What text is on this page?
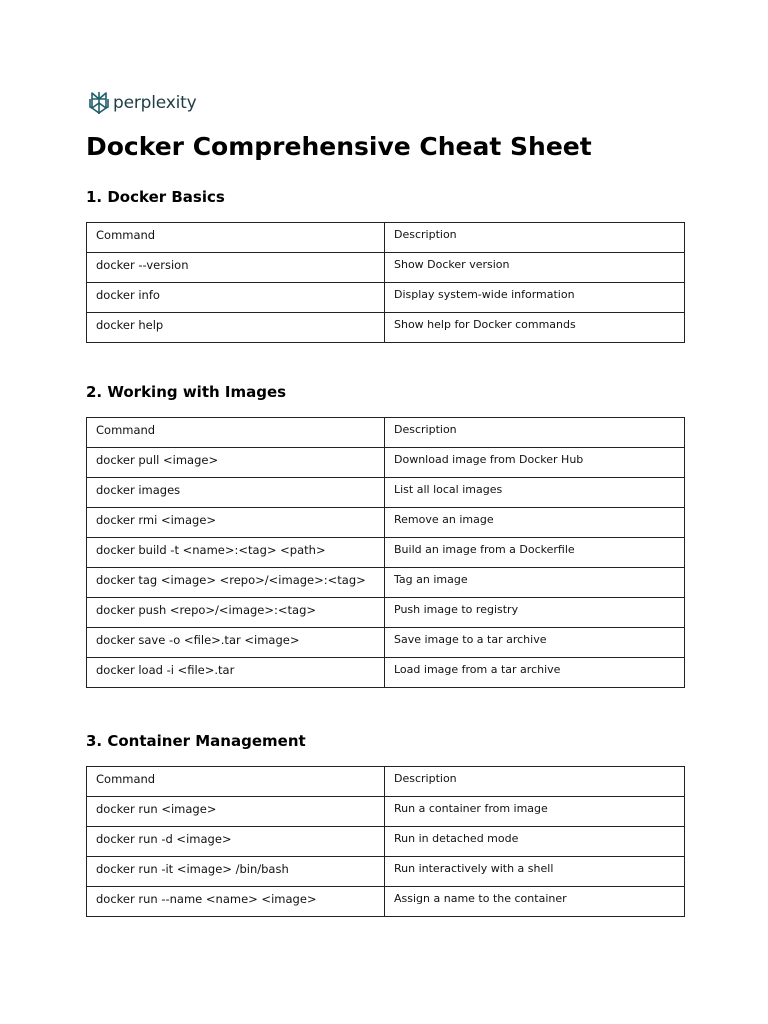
perplexity
Docker Comprehensive Cheat Sheet
1. Docker Basics
Command	Description
docker --version	Show Docker version
docker info	Display system-wide information
docker help	Show help for Docker commands
2. Working with Images
Command	Description
docker pull <image>	Download image from Docker Hub
docker images	List all local images
docker rmi <image>	Remove an image
docker build -t <name>:<tag> <path>	Build an image from a Dockerfile
docker tag <image> <repo>/<image>:<tag>	Tag an image
docker push <repo>/<image>:<tag>	Push image to registry
docker save -o <file>.tar <image>	Save image to a tar archive
docker load -i <file>.tar	Load image from a tar archive
3. Container Management
Command	Description
docker run <image>	Run a container from image
docker run -d <image>	Run in detached mode
docker run -it <image> /bin/bash	Run interactively with a shell
docker run --name <name> <image>	Assign a name to the container
